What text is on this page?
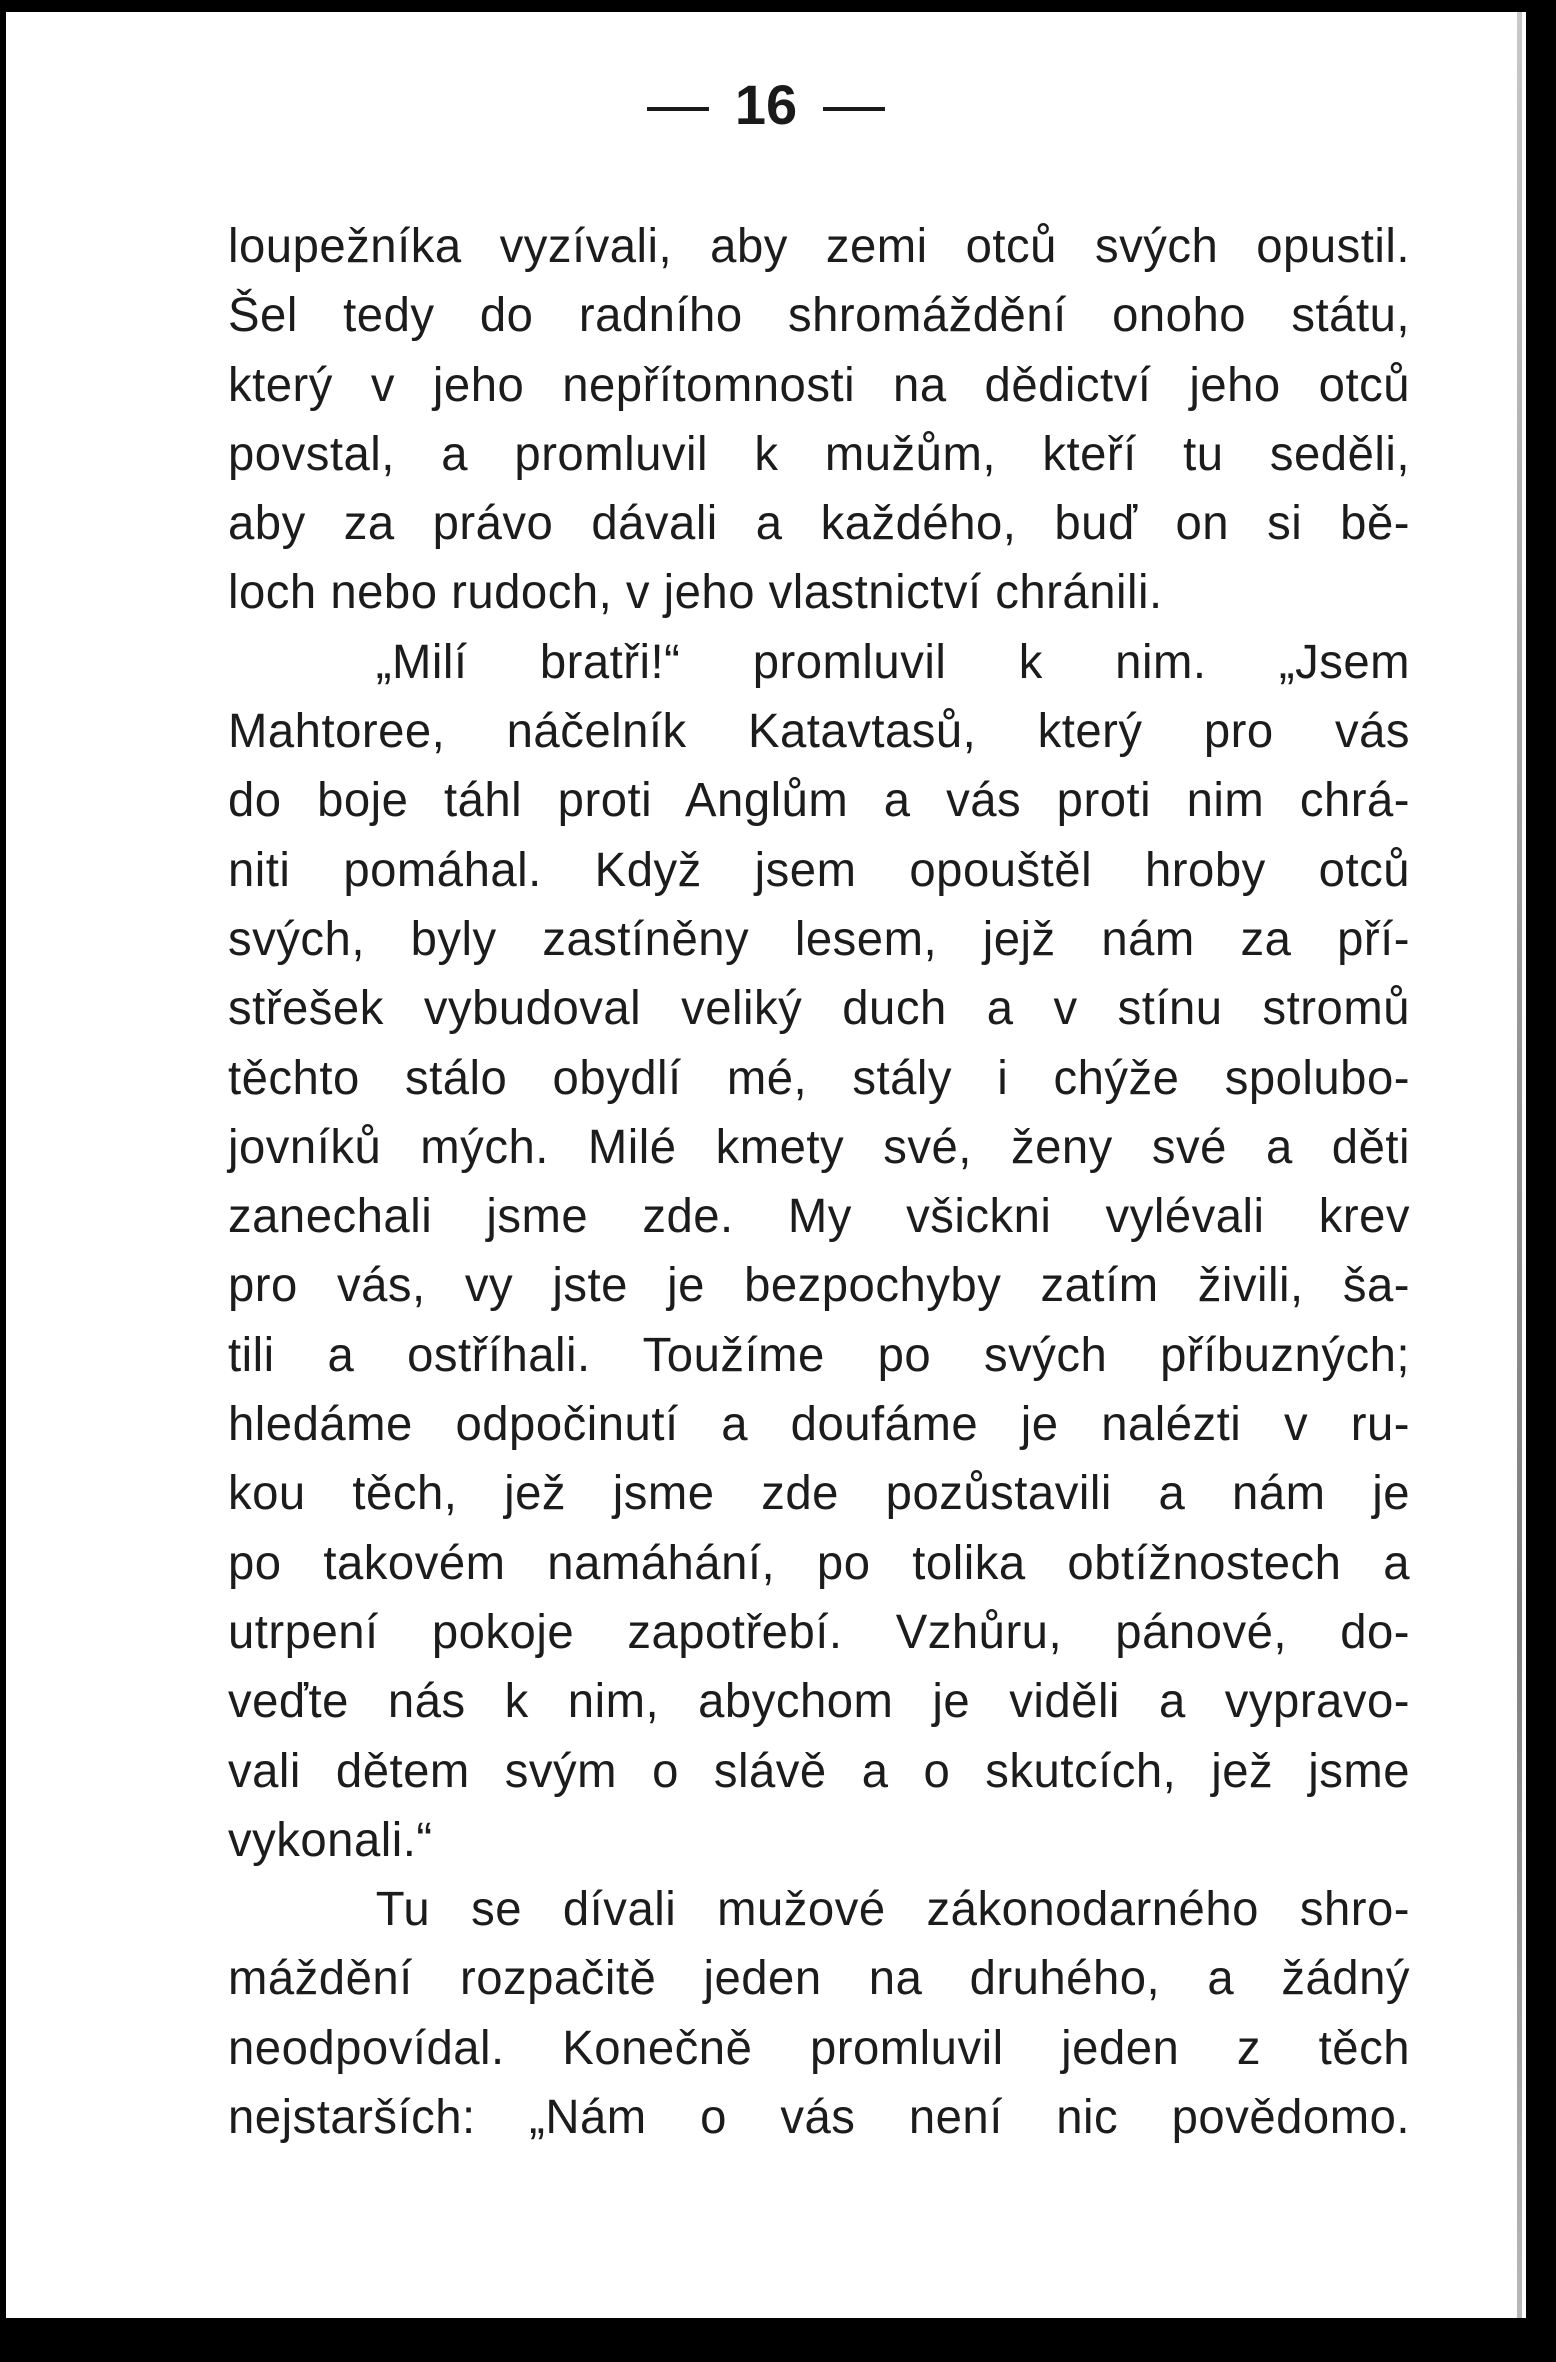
16
loupežníka vyzívali, aby zemi otců svých opustil.
Šel tedy do radního shromáždění onoho státu,
který v jeho nepřítomnosti na dědictví jeho otců
povstal, a promluvil k mužům, kteří tu seděli,
aby za právo dávali a každého, buď on si bě-
loch nebo rudoch, v jeho vlastnictví chránili.
„Milí bratři!“ promluvil k nim. „Jsem
Mahtoree, náčelník Katavtasů, který pro vás
do boje táhl proti Anglům a vás proti nim chrá-
niti pomáhal. Když jsem opouštěl hroby otců
svých, byly zastíněny lesem, jejž nám za pří-
střešek vybudoval veliký duch a v stínu stromů
těchto stálo obydlí mé, stály i chýže spolubo-
jovníků mých. Milé kmety své, ženy své a děti
zanechali jsme zde. My všickni vylévali krev
pro vás, vy jste je bezpochyby zatím živili, ša-
tili a ostříhali. Toužíme po svých příbuzných;
hledáme odpočinutí a doufáme je nalézti v ru-
kou těch, jež jsme zde pozůstavili a nám je
po takovém namáhání, po tolika obtížnostech a
utrpení pokoje zapotřebí. Vzhůru, pánové, do-
veďte nás k nim, abychom je viděli a vypravo-
vali dětem svým o slávě a o skutcích, jež jsme
vykonali.“
Tu se dívali mužové zákonodarného shro-
máždění rozpačitě jeden na druhého, a žádný
neodpovídal. Konečně promluvil jeden z těch
nejstarších: „Nám o vás není nic povědomo.
